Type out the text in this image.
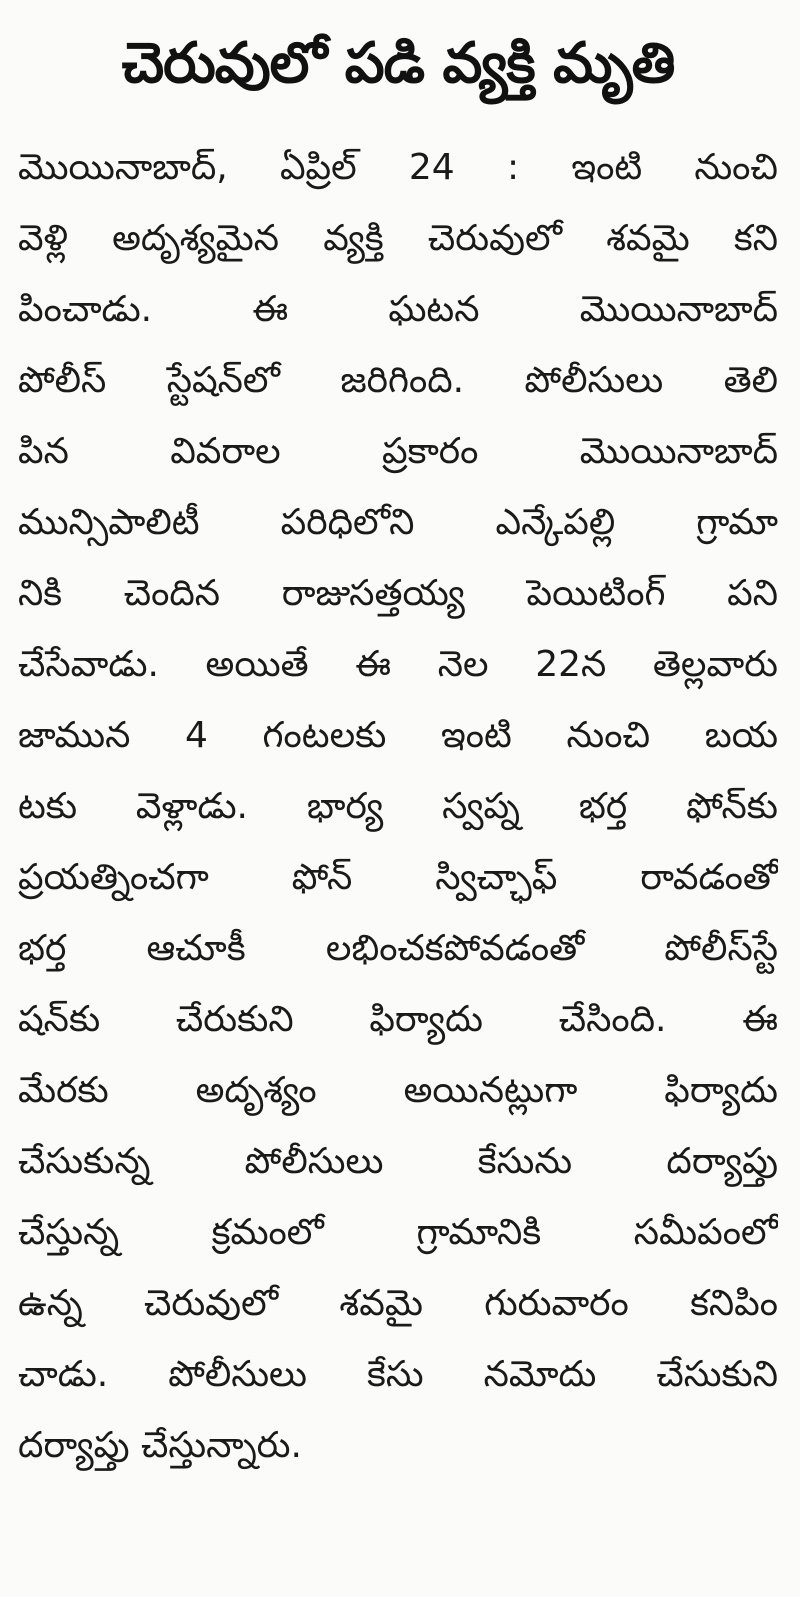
చెరువులో పడి వ్యక్తి మృతి
మొయినాబాద్, ఏప్రిల్ 24 : ఇంటి నుంచి
వెళ్లి అదృశ్యమైన వ్యక్తి చెరువులో శవమై కని
పించాడు. ఈ ఘటన మొయినాబాద్
పోలీస్ స్టేషన్‌లో జరిగింది. పోలీసులు తెలి
పిన వివరాల ప్రకారం మొయినాబాద్
మున్సిపాలిటీ పరిధిలోని ఎన్కేపల్లి గ్రామా
నికి చెందిన రాజుసత్తయ్య పెయిటింగ్ పని
చేసేవాడు. అయితే ఈ నెల 22న తెల్లవారు
జామున 4 గంటలకు ఇంటి నుంచి బయ
టకు వెళ్లాడు. భార్య స్వప్న భర్త ఫోన్‌కు
ప్రయత్నించగా ఫోన్ స్విచ్ఛాఫ్ రావడంతో
భర్త ఆచూకీ లభించకపోవడంతో పోలీస్‌స్టే
షన్‌కు చేరుకుని ఫిర్యాదు చేసింది. ఈ
మేరకు అదృశ్యం అయినట్లుగా ఫిర్యాదు
చేసుకున్న పోలీసులు కేసును దర్యాప్తు
చేస్తున్న క్రమంలో గ్రామానికి సమీపంలో
ఉన్న చెరువులో శవమై గురువారం కనిపిం
చాడు. పోలీసులు కేసు నమోదు చేసుకుని
దర్యాప్తు చేస్తున్నారు.
